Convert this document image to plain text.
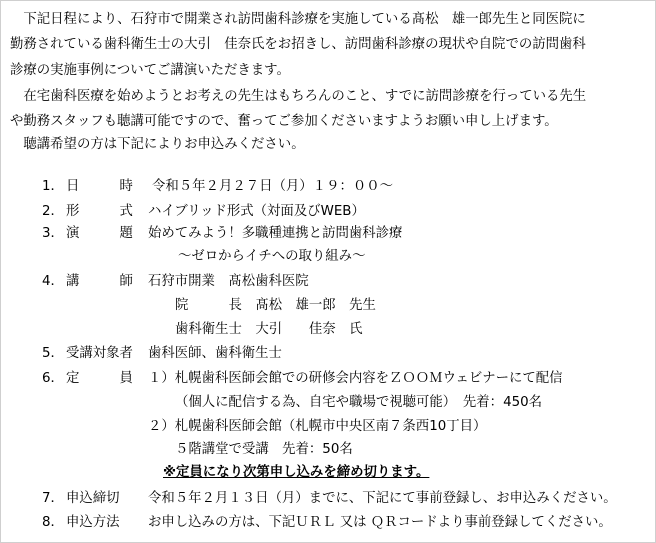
　下記日程により、石狩市で開業され訪問歯科診療を実施している髙松　雄一郎先生と同医院に
勤務されている歯科衛生士の大引　佳奈氏をお招きし、訪問歯科診療の現状や自院での訪問歯科
診療の実施事例についてご講演いただきます。
　在宅歯科医療を始めようとお考えの先生はもちろんのこと、すでに訪問診療を行っている先生
や勤務スタッフも聴講可能ですので、奮ってご参加くださいますようお願い申し上げます。
　聴講希望の方は下記によりお申込みください。
1． 日　　　時 令和５年２月２７日（月）１９：００～
2． 形　　　式 ハイブリッド形式（対面及びWEB）
3． 演　　　題 始めてみよう！多職種連携と訪問歯科診療
～ゼロからイチへの取り組み～
4． 講　　　師 石狩市開業　髙松歯科医院
院　　　長　髙松　雄一郎　先生
歯科衛生士　大引　　佳奈　氏
5． 受講対象者 歯科医師、歯科衛生士
6． 定　　　員 １）札幌歯科医師会館での研修会内容をＺＯＯＭウェビナーにて配信
（個人に配信する為、自宅や職場で視聴可能）　先着：450名
２）札幌歯科医師会館（札幌市中央区南７条西10丁目）
５階講堂で受講　先着：50名
※定員になり次第申し込みを締め切ります。
7． 申込締切 令和５年２月１３日（月）までに、下記にて事前登録し、お申込みください。
8． 申込方法 お申し込みの方は、下記ＵＲＬ 又は ＱＲコードより事前登録してください。
